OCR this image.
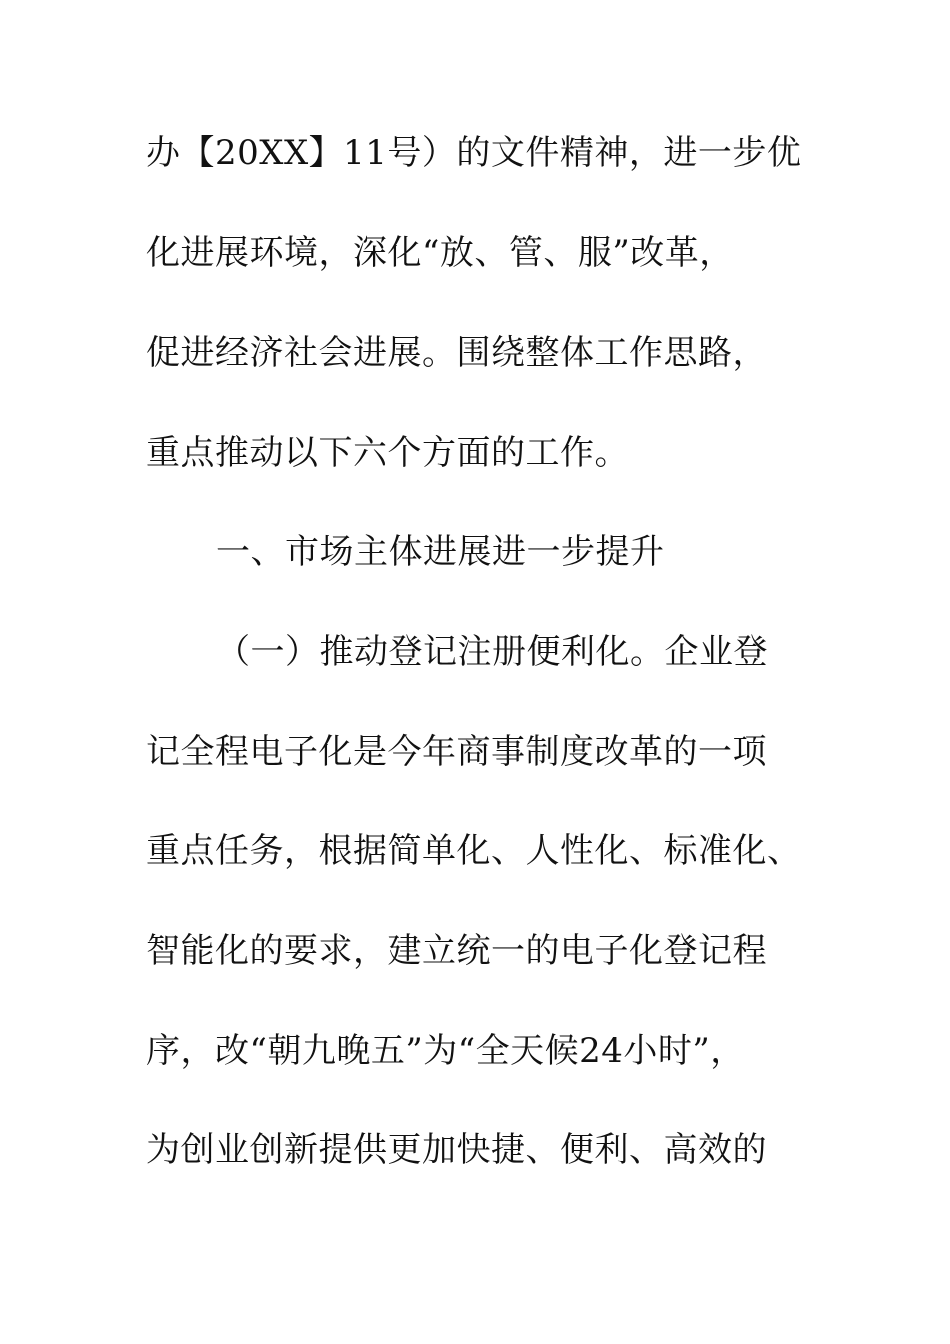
办【20XX】11号）的文件精神，进一步优
化进展环境，深化“放、管、服”改革，
促进经济社会进展。围绕整体工作思路，
重点推动以下六个方面的工作。
一、市场主体进展进一步提升
（一）推动登记注册便利化。企业登
记全程电子化是今年商事制度改革的一项
重点任务，根据简单化、人性化、标准化、
智能化的要求，建立统一的电子化登记程
序，改“朝九晚五”为“全天候24小时”，
为创业创新提供更加快捷、便利、高效的
